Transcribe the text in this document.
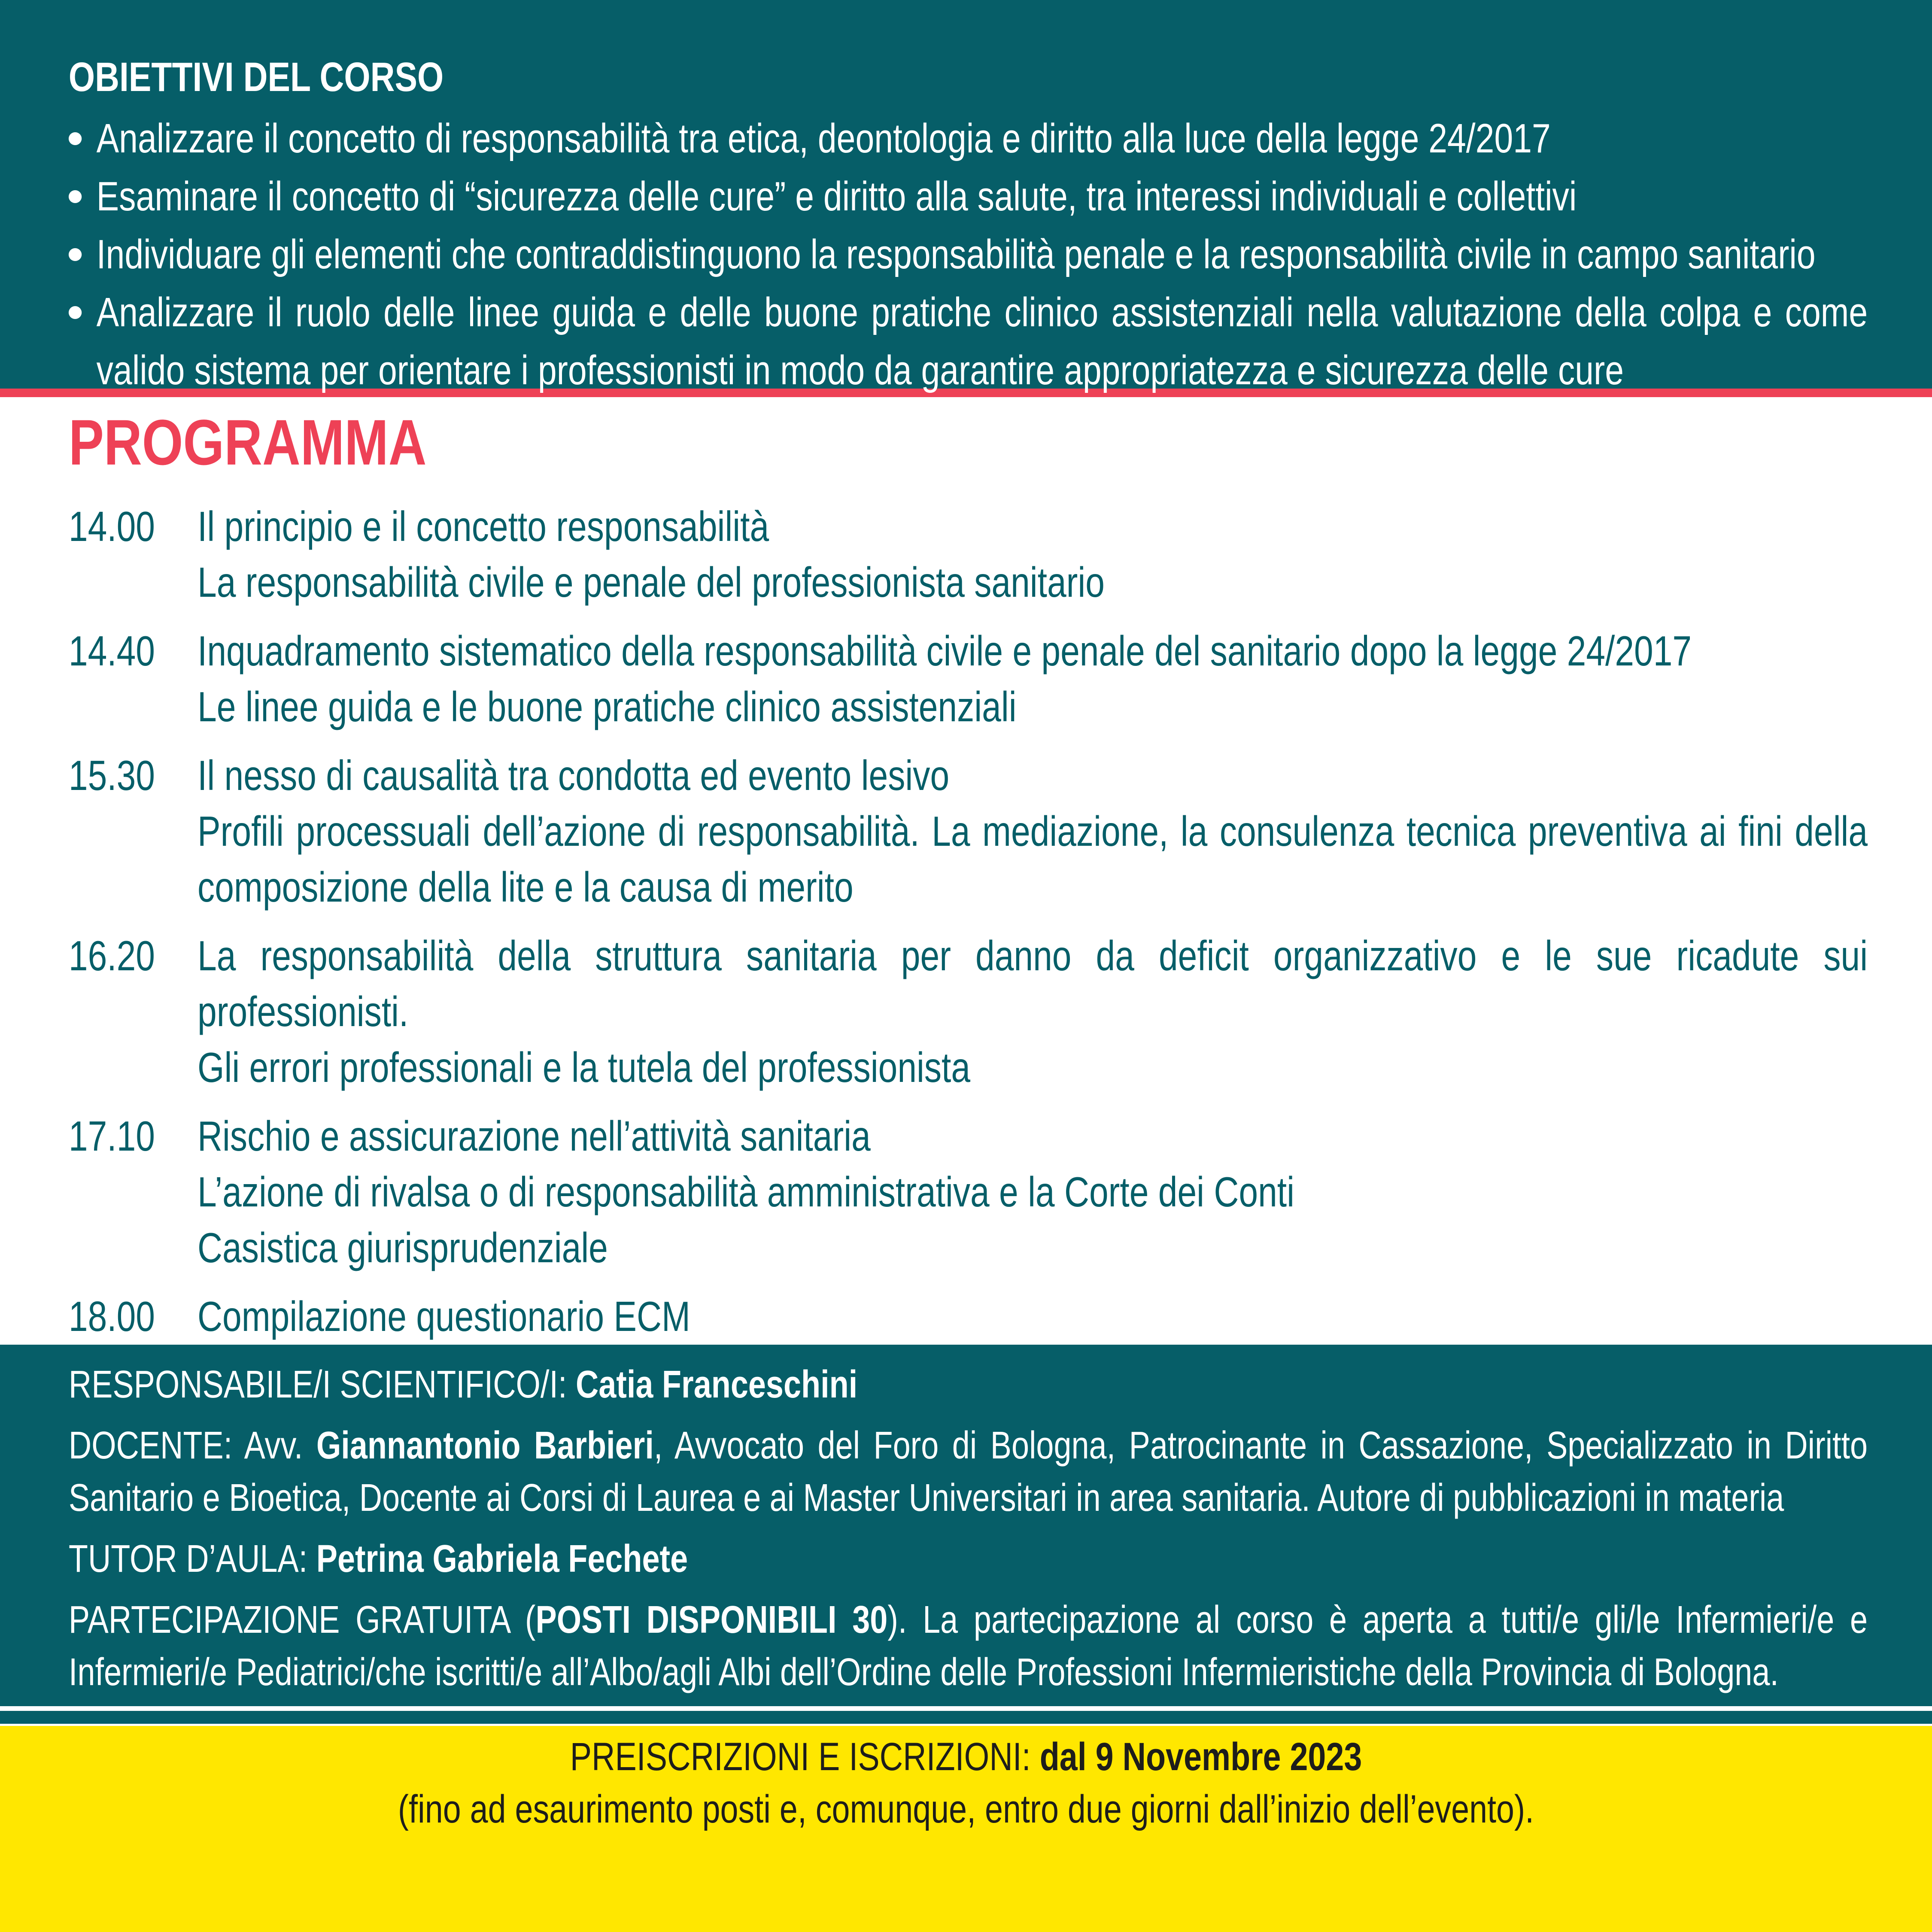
OBIETTIVI DEL CORSO
Analizzare il concetto di responsabilità tra etica, deontologia e diritto alla luce della legge 24/2017
Esaminare il concetto di “sicurezza delle cure” e diritto alla salute, tra interessi individuali e collettivi
Individuare gli elementi che contraddistinguono la responsabilità penale e la responsabilità civile in campo sanitario
Analizzare il ruolo delle linee guida e delle buone pratiche clinico assistenziali nella valutazione della colpa e come valido sistema per orientare i professionisti in modo da garantire appropriatezza e sicurezza delle cure
PROGRAMMA
14.00	Il principio e il concetto responsabilità

La responsabilità civile e penale del professionista sanitario

14.40	Inquadramento sistematico della responsabilità civile e penale del sanitario dopo la legge 24/2017

Le linee guida e le buone pratiche clinico assistenziali

15.30	Il nesso di causalità tra condotta ed evento lesivo

Profili processuali dell’azione di responsabilità. La mediazione, la consulenza tecnica preventiva ai fini della composizione della lite e la causa di merito

16.20	La responsabilità della struttura sanitaria per danno da deficit organizzativo e le sue ricadute sui professionisti.

Gli errori professionali e la tutela del professionista

17.10	Rischio e assicurazione nell’attività sanitaria

L’azione di rivalsa o di responsabilità amministrativa e la Corte dei Conti

Casistica giurisprudenziale

18.00	Compilazione questionario ECM

RESPONSABILE/I SCIENTIFICO/I: Catia Franceschini

DOCENTE: Avv. Giannantonio Barbieri, Avvocato del Foro di Bologna, Patrocinante in Cassazione, Specializzato in Diritto Sanitario e Bioetica, Docente ai Corsi di Laurea e ai Master Universitari in area sanitaria. Autore di pubblicazioni in materia

TUTOR D’AULA: Petrina Gabriela Fechete

PARTECIPAZIONE GRATUITA (POSTI DISPONIBILI 30). La partecipazione al corso è aperta a tutti/e gli/le Infermieri/e e Infermieri/e Pediatrici/che iscritti/e all’Albo/agli Albi dell’Ordine delle Professioni Infermieristiche della Provincia di Bologna.

PREISCRIZIONI E ISCRIZIONI: dal 9 Novembre 2023

(fino ad esaurimento posti e, comunque, entro due giorni dall’inizio dell’evento).
